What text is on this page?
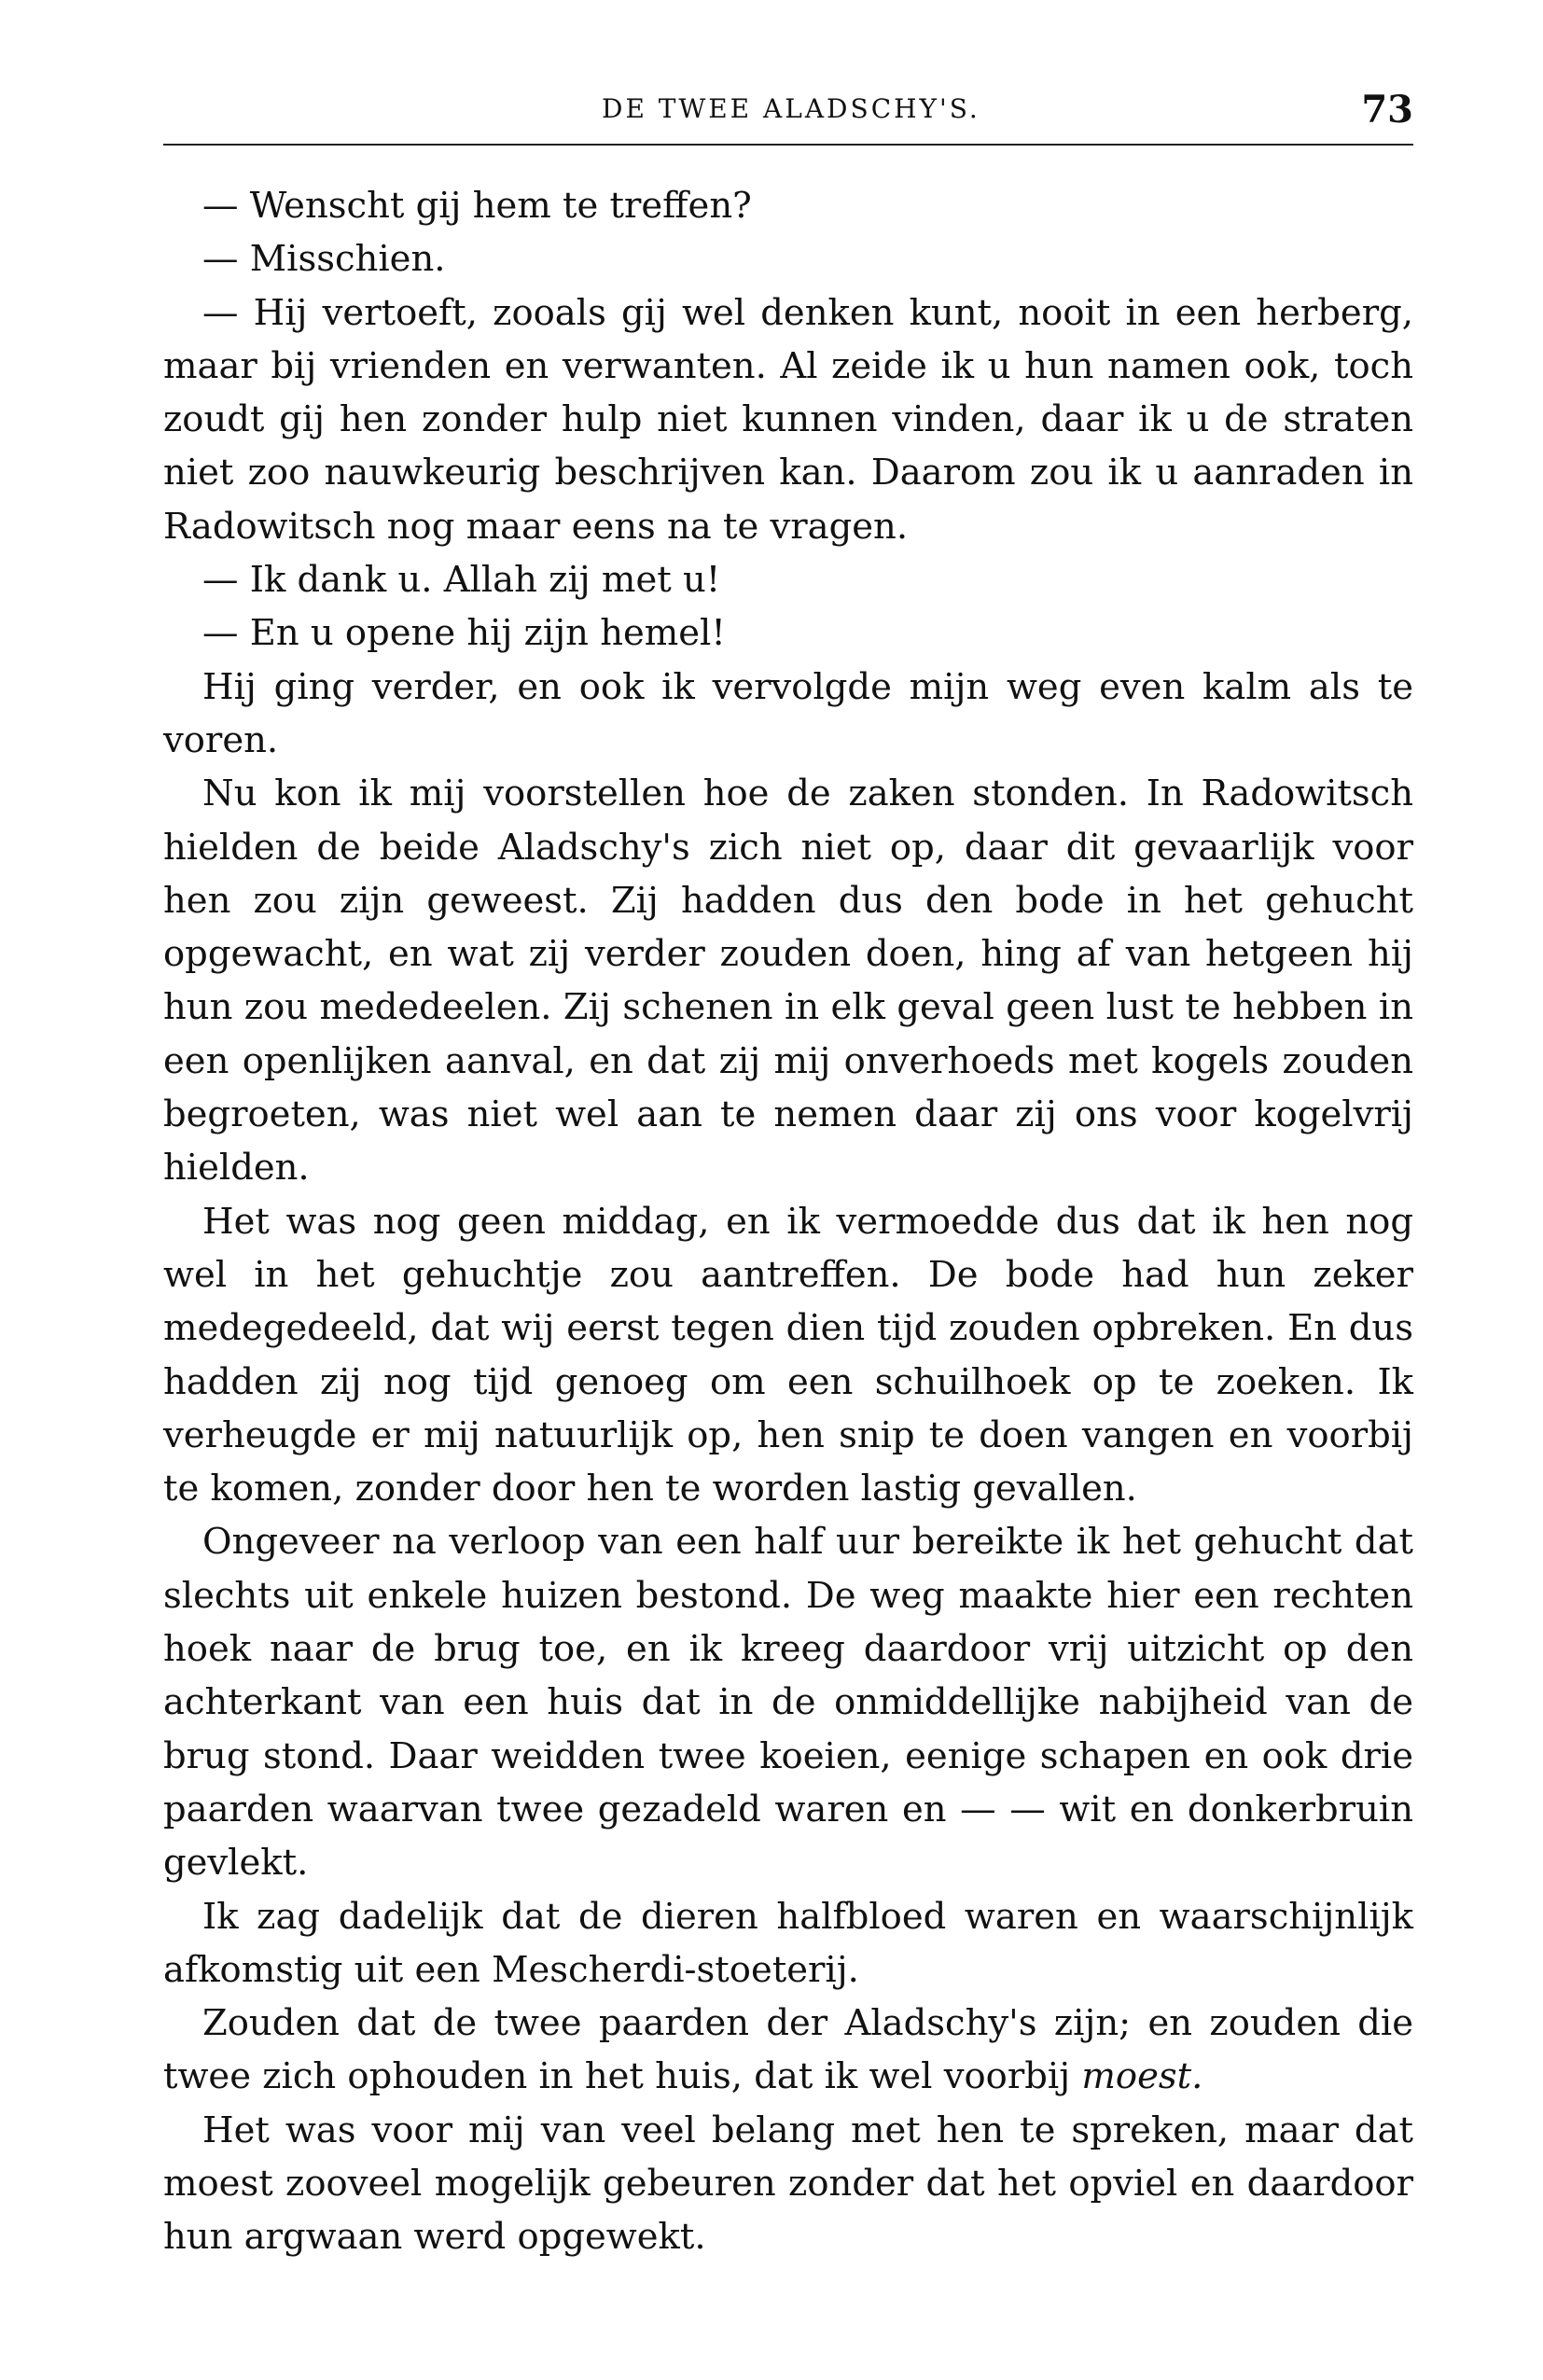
DE TWEE ALADSCHY'S.	73

— Wenscht gij hem te treffen?

— Misschien.

— Hij vertoeft, zooals gij wel denken kunt, nooit in een herberg, maar bij vrienden en verwanten. Al zeide ik u hun namen ook, toch zoudt gij hen zonder hulp niet kunnen vinden, daar ik u de straten niet zoo nauwkeurig beschrijven kan. Daarom zou ik u aanraden in Radowitsch nog maar eens na te vragen.

— Ik dank u. Allah zij met u!

— En u opene hij zijn hemel!

Hij ging verder, en ook ik vervolgde mijn weg even kalm als te voren.

Nu kon ik mij voorstellen hoe de zaken stonden. In Radowitsch hielden de beide Aladschy's zich niet op, daar dit gevaarlijk voor hen zou zijn geweest. Zij hadden dus den bode in het gehucht opgewacht, en wat zij verder zouden doen, hing af van hetgeen hij hun zou mededeelen. Zij schenen in elk geval geen lust te hebben in een openlijken aanval, en dat zij mij onverhoeds met kogels zouden begroeten, was niet wel aan te nemen daar zij ons voor kogelvrij hielden.

Het was nog geen middag, en ik vermoedde dus dat ik hen nog wel in het gehuchtje zou aantreffen. De bode had hun zeker medegedeeld, dat wij eerst tegen dien tijd zouden opbreken. En dus hadden zij nog tijd genoeg om een schuilhoek op te zoeken. Ik verheugde er mij natuurlijk op, hen snip te doen vangen en voorbij te komen, zonder door hen te worden lastig gevallen.

Ongeveer na verloop van een half uur bereikte ik het gehucht dat slechts uit enkele huizen bestond. De weg maakte hier een rechten hoek naar de brug toe, en ik kreeg daardoor vrij uitzicht op den achterkant van een huis dat in de onmiddellijke nabijheid van de brug stond. Daar weidden twee koeien, eenige schapen en ook drie paarden waarvan twee gezadeld waren en — — wit en donkerbruin gevlekt.

Ik zag dadelijk dat de dieren halfbloed waren en waarschijnlijk afkomstig uit een Mescherdi-stoeterij.

Zouden dat de twee paarden der Aladschy's zijn; en zouden die twee zich ophouden in het huis, dat ik wel voorbij moest.

Het was voor mij van veel belang met hen te spreken, maar dat moest zooveel mogelijk gebeuren zonder dat het opviel en daardoor hun argwaan werd opgewekt.
